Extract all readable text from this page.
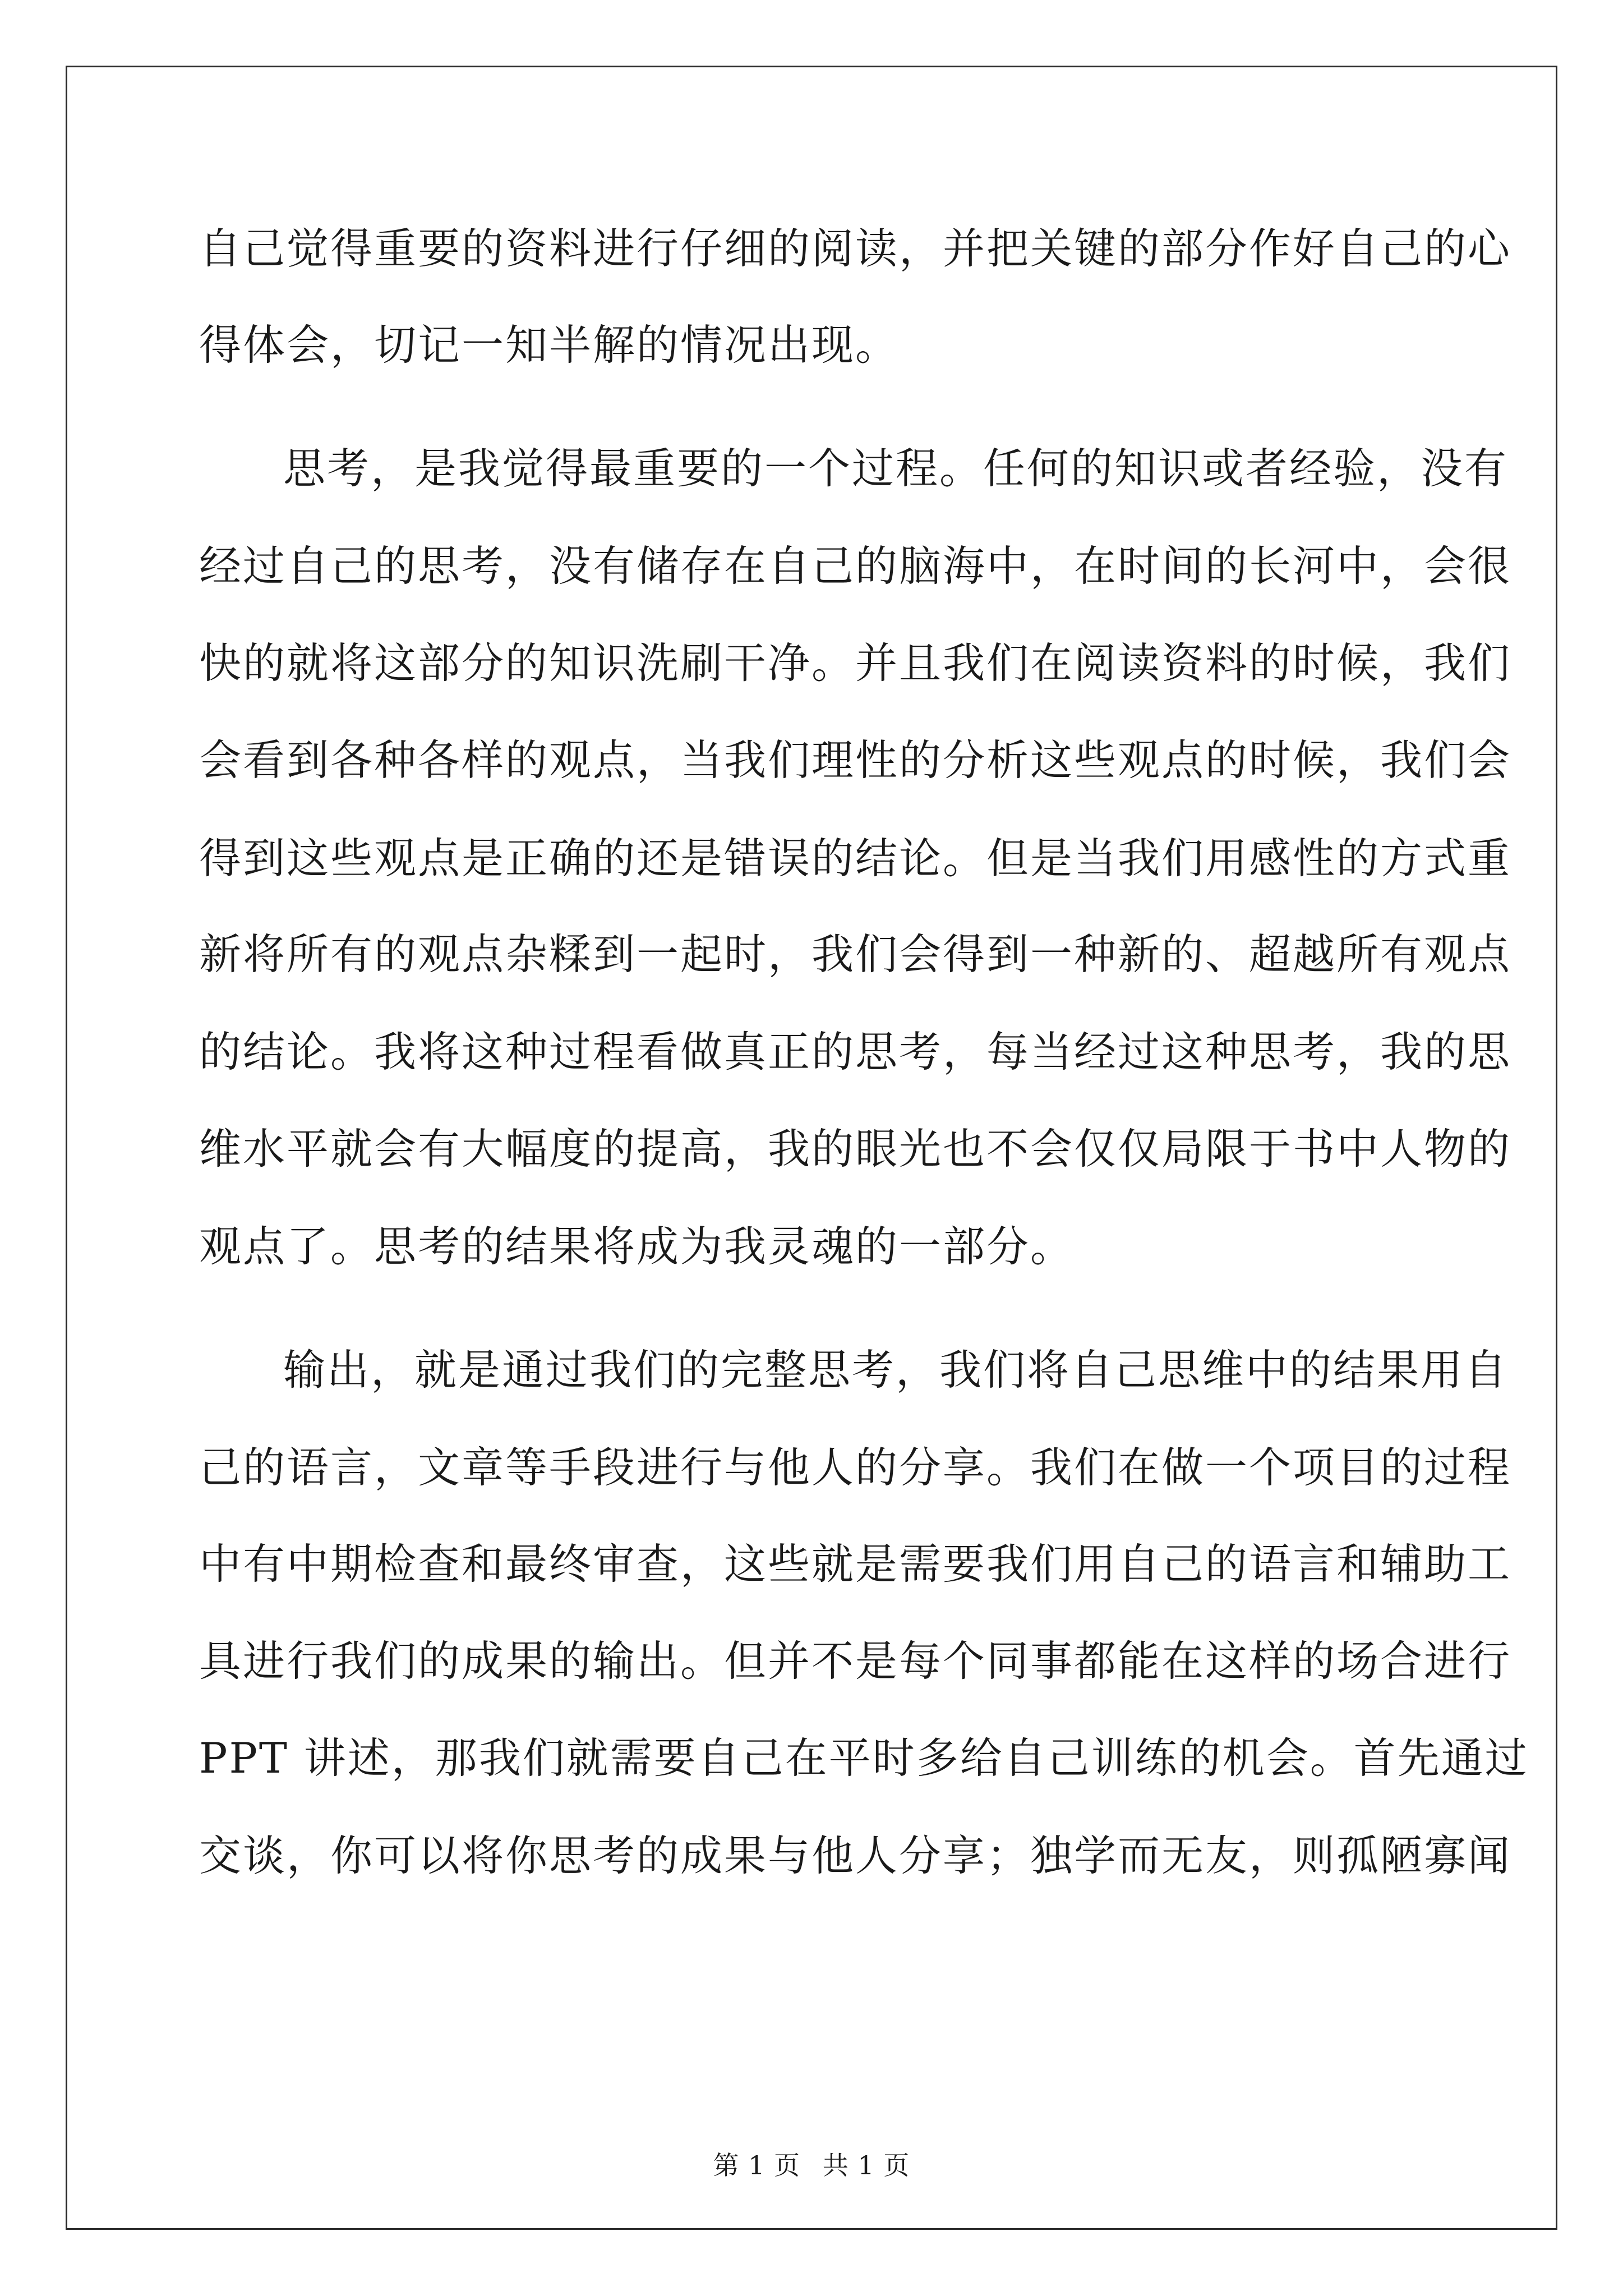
自己觉得重要的资料进行仔细的阅读，并把关键的部分作好自己的心
得体会，切记一知半解的情况出现。
思考，是我觉得最重要的一个过程。任何的知识或者经验，没有
经过自己的思考，没有储存在自己的脑海中，在时间的长河中，会很
快的就将这部分的知识洗刷干净。并且我们在阅读资料的时候，我们
会看到各种各样的观点，当我们理性的分析这些观点的时候，我们会
得到这些观点是正确的还是错误的结论。但是当我们用感性的方式重
新将所有的观点杂糅到一起时，我们会得到一种新的、超越所有观点
的结论。我将这种过程看做真正的思考，每当经过这种思考，我的思
维水平就会有大幅度的提高，我的眼光也不会仅仅局限于书中人物的
观点了。思考的结果将成为我灵魂的一部分。
输出，就是通过我们的完整思考，我们将自己思维中的结果用自
己的语言，文章等手段进行与他人的分享。我们在做一个项目的过程
中有中期检查和最终审查，这些就是需要我们用自己的语言和辅助工
具进行我们的成果的输出。但并不是每个同事都能在这样的场合进行
PPT 讲述，那我们就需要自己在平时多给自己训练的机会。首先通过
交谈，你可以将你思考的成果与他人分享；独学而无友，则孤陋寡闻
第 1 页 共 1 页
